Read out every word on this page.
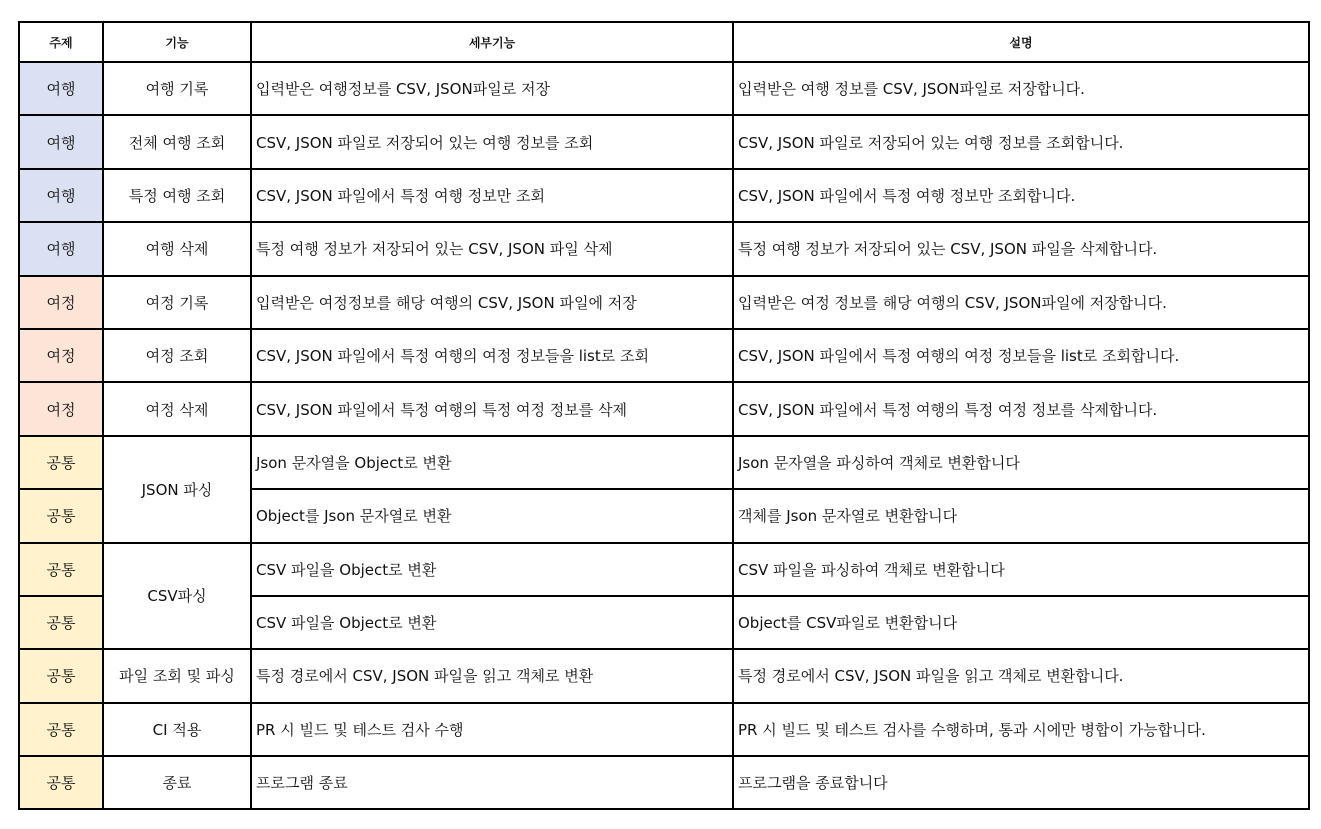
주제	기능	세부기능	설명
여행	여행 기록	입력받은 여행정보를 CSV, JSON파일로 저장	입력받은 여행 정보를 CSV, JSON파일로 저장합니다.
여행	전체 여행 조회	CSV, JSON 파일로 저장되어 있는 여행 정보를 조회	CSV, JSON 파일로 저장되어 있는 여행 정보를 조회합니다.
여행	특정 여행 조회	CSV, JSON 파일에서 특정 여행 정보만 조회	CSV, JSON 파일에서 특정 여행 정보만 조회합니다.
여행	여행 삭제	특정 여행 정보가 저장되어 있는 CSV, JSON 파일 삭제	특정 여행 정보가 저장되어 있는 CSV, JSON 파일을 삭제합니다.
여정	여정 기록	입력받은 여정정보를 해당 여행의 CSV, JSON 파일에 저장	입력받은 여정 정보를 해당 여행의 CSV, JSON파일에 저장합니다.
여정	여정 조회	CSV, JSON 파일에서 특정 여행의 여정 정보들을 list로 조회	CSV, JSON 파일에서 특정 여행의 여정 정보들을 list로 조회합니다.
여정	여정 삭제	CSV, JSON 파일에서 특정 여행의 특정 여정 정보를 삭제	CSV, JSON 파일에서 특정 여행의 특정 여정 정보를 삭제합니다.
공통	JSON 파싱	Json 문자열을 Object로 변환	Json 문자열을 파싱하여 객체로 변환합니다
공통		Object를 Json 문자열로 변환	객체를 Json 문자열로 변환합니다
공통	CSV파싱	CSV 파일을 Object로 변환	CSV 파일을 파싱하여 객체로 변환합니다
공통		CSV 파일을 Object로 변환	Object를 CSV파일로 변환합니다
공통	파일 조회 및 파싱	특정 경로에서 CSV, JSON 파일을 읽고 객체로 변환	특정 경로에서 CSV, JSON 파일을 읽고 객체로 변환합니다.
공통	CI 적용	PR 시 빌드 및 테스트 검사 수행	PR 시 빌드 및 테스트 검사를 수행하며, 통과 시에만 병합이 가능합니다.
공통	종료	프로그램 종료	프로그램을 종료합니다
